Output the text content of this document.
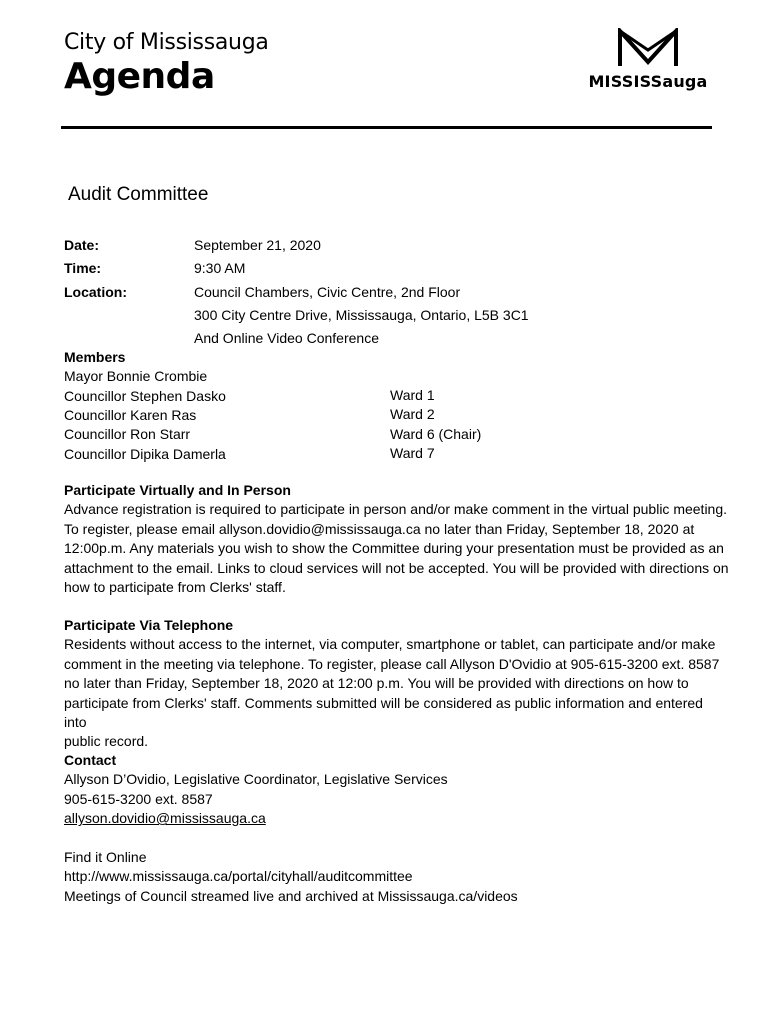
City of Mississauga
Agenda	MISSISSauga
Audit Committee
Date:	September 21, 2020
Time:	9:30 AM
Location:	Council Chambers, Civic Centre, 2nd Floor
300 City Centre Drive, Mississauga, Ontario, L5B 3C1
And Online Video Conference
Members
Mayor Bonnie Crombie
Councillor Stephen Dasko	Ward 1
Councillor Karen Ras	Ward 2
Councillor Ron Starr	Ward 6 (Chair)
Councillor Dipika Damerla	Ward 7
Participate Virtually and In Person
Advance registration is required to participate in person and/or make comment in the virtual public meeting.
To register, please email allyson.dovidio@mississauga.ca no later than Friday, September 18, 2020 at
12:00p.m. Any materials you wish to show the Committee during your presentation must be provided as an
attachment to the email. Links to cloud services will not be accepted. You will be provided with directions on
how to participate from Clerks' staff.
Participate Via Telephone
Residents without access to the internet, via computer, smartphone or tablet, can participate and/or make
comment in the meeting via telephone. To register, please call Allyson D'Ovidio at 905-615-3200 ext. 8587
no later than Friday, September 18, 2020 at 12:00 p.m. You will be provided with directions on how to
participate from Clerks' staff. Comments submitted will be considered as public information and entered into
public record.
Contact
Allyson D’Ovidio, Legislative Coordinator, Legislative Services
905-615-3200 ext. 8587
allyson.dovidio@mississauga.ca
Find it Online
http://www.mississauga.ca/portal/cityhall/auditcommittee
Meetings of Council streamed live and archived at Mississauga.ca/videos
